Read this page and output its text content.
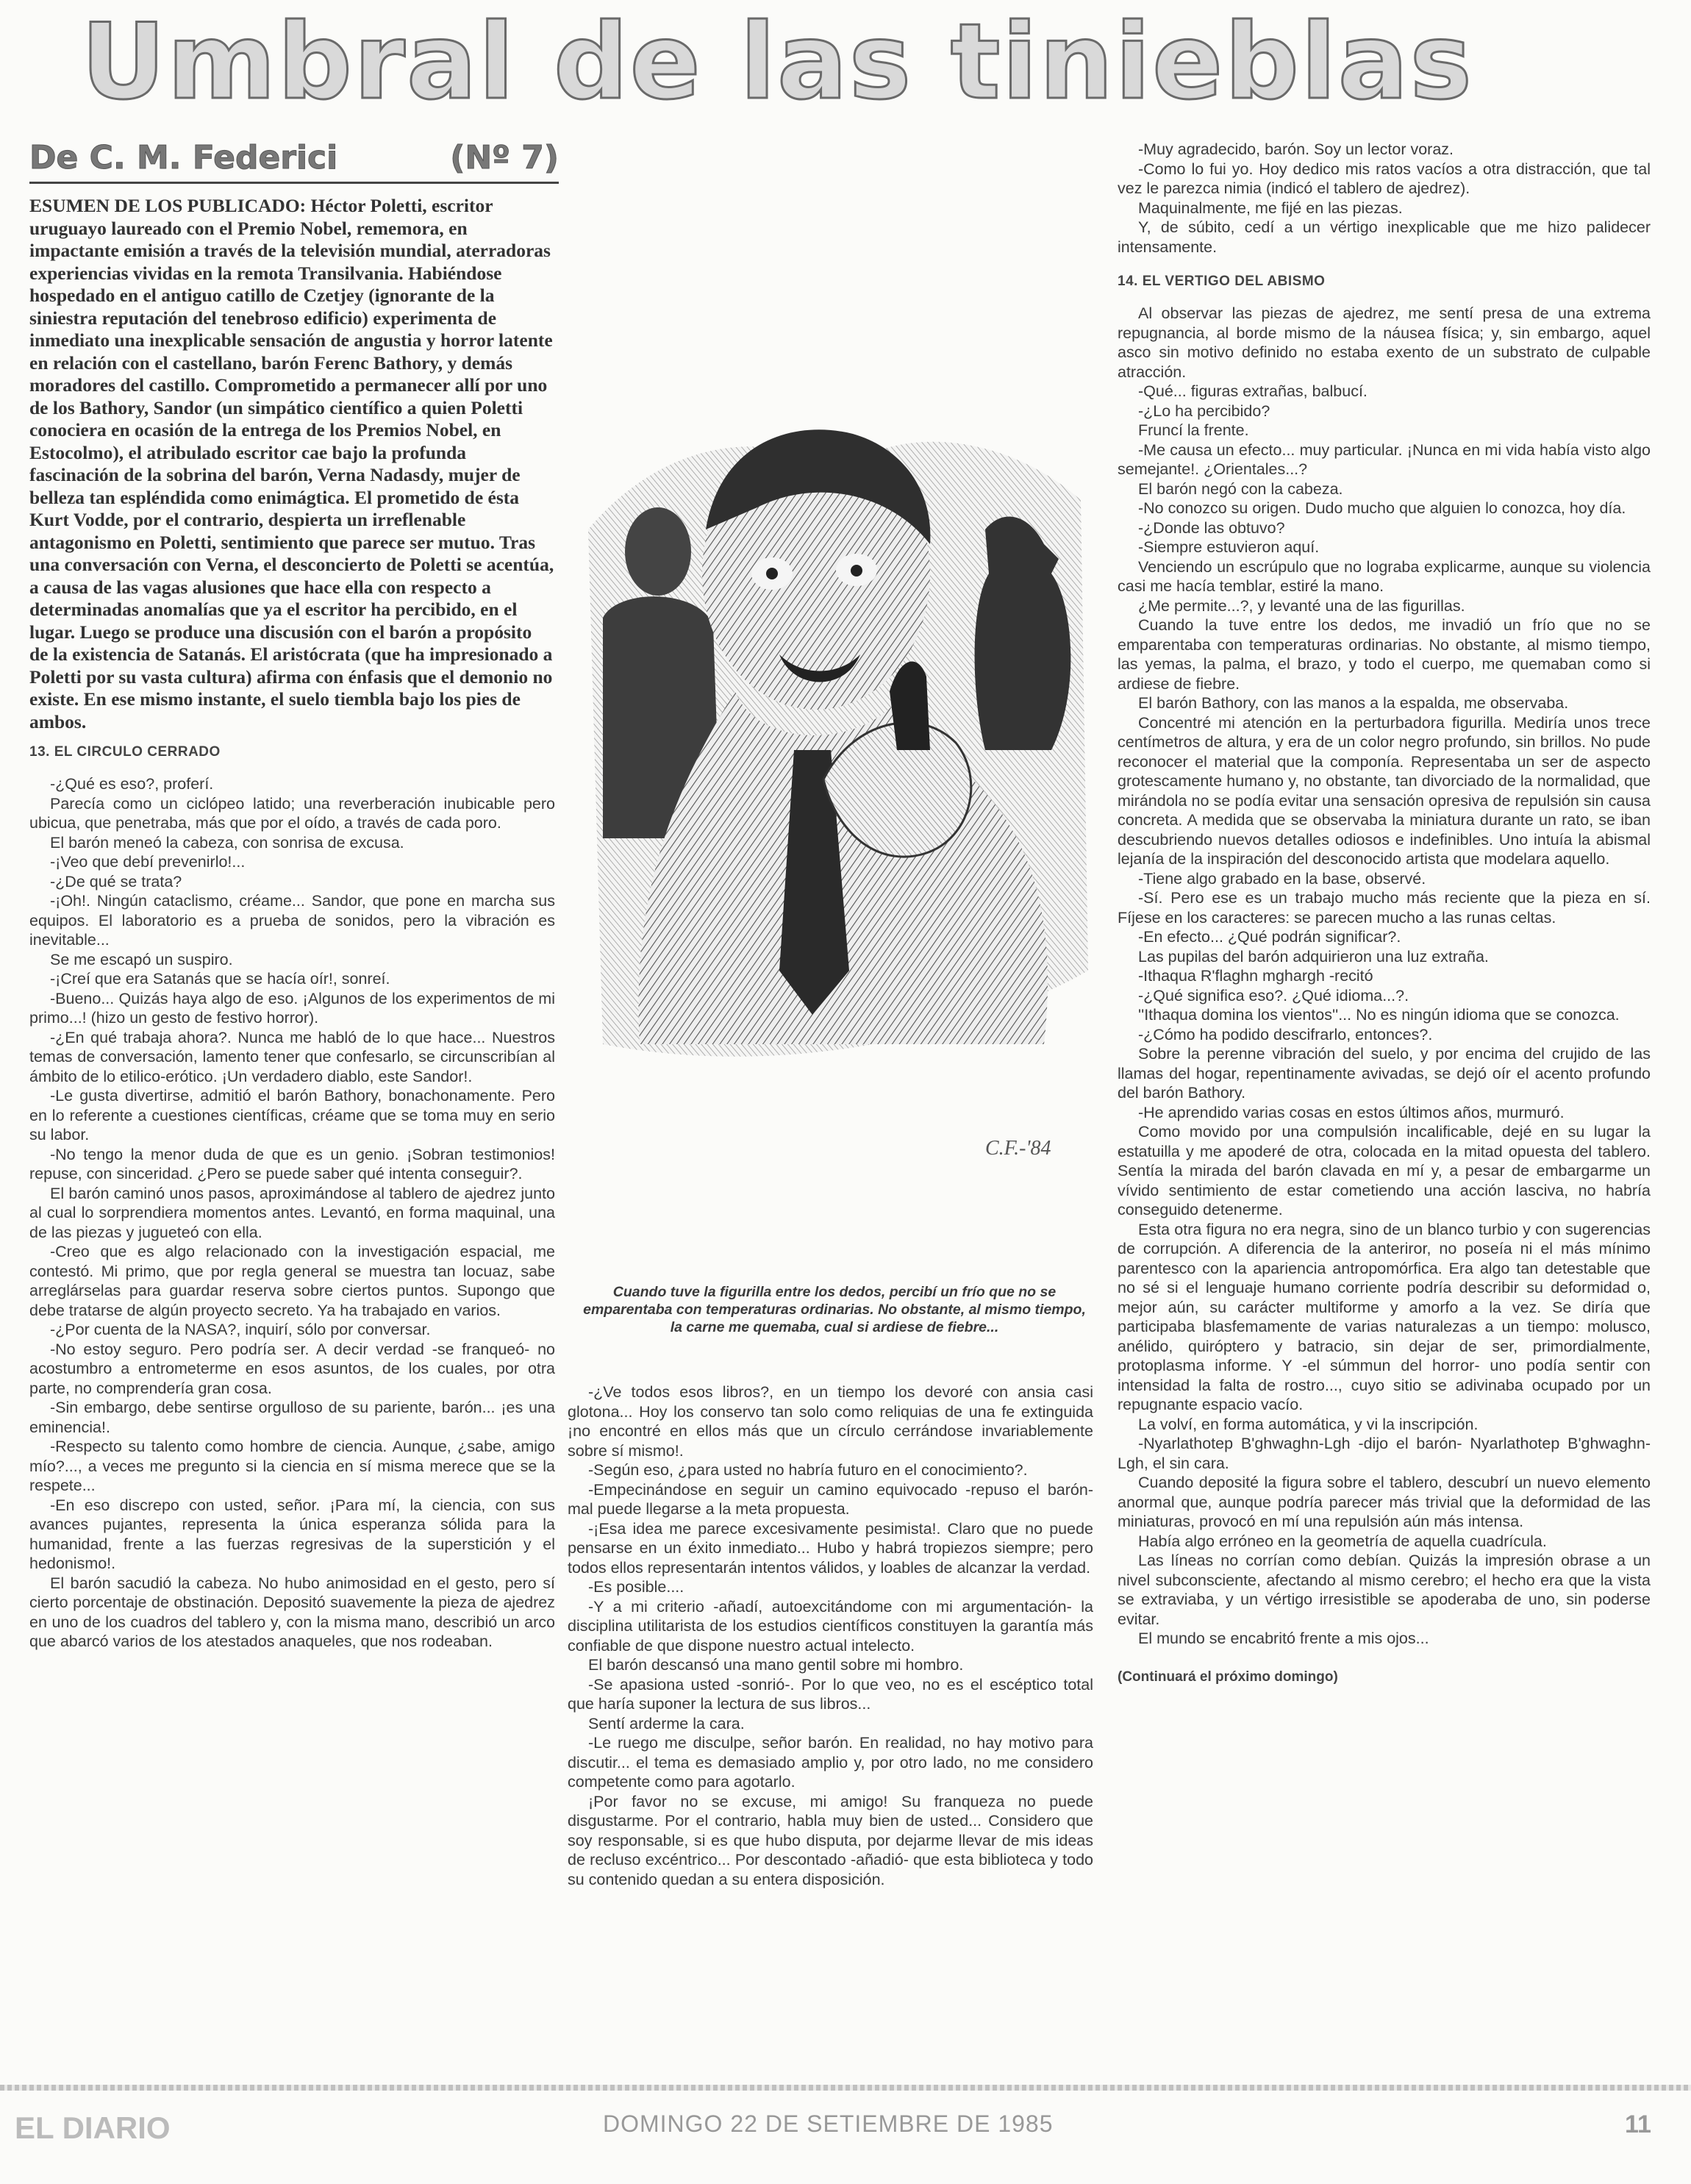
Umbral de las tinieblas
De C. M. Federici	(Nº 7)

ESUMEN DE LOS PUBLICADO: Héctor Poletti, escritor uruguayo laureado con el Premio Nobel, rememora, en impactante emisión a través de la televisión mundial, aterradoras experiencias vividas en la remota Transilvania. Habiéndose hospedado en el antiguo catillo de Czetjey (ignorante de la siniestra reputación del tenebroso edificio) experimenta de inmediato una inexplicable sensación de angustia y horror latente en relación con el castellano, barón Ferenc Bathory, y demás moradores del castillo. Comprometido a permanecer allí por uno de los Bathory, Sandor (un simpático científico a quien Poletti conociera en ocasión de la entrega de los Premios Nobel, en Estocolmo), el atribulado escritor cae bajo la profunda fascinación de la sobrina del barón, Verna Nadasdy, mujer de belleza tan espléndida como enimágtica. El prometido de ésta Kurt Vodde, por el contrario, despierta un irreflenable antagonismo en Poletti, sentimiento que parece ser mutuo. Tras una conversación con Verna, el desconcierto de Poletti se acentúa, a causa de las vagas alusiones que hace ella con respecto a determinadas anomalías que ya el escritor ha percibido, en el lugar. Luego se produce una discusión con el barón a propósito de la existencia de Satanás. El aristócrata (que ha impresionado a Poletti por su vasta cultura) afirma con énfasis que el demonio no existe. En ese mismo instante, el suelo tiembla bajo los pies de ambos.

13. EL CIRCULO CERRADO

-¿Qué es eso?, proferí.

Parecía como un ciclópeo latido; una reverberación inubicable pero ubicua, que penetraba, más que por el oído, a través de cada poro.

El barón meneó la cabeza, con sonrisa de excusa.

-¡Veo que debí prevenirlo!...

-¿De qué se trata?

-¡Oh!. Ningún cataclismo, créame... Sandor, que pone en marcha sus equipos. El laboratorio es a prueba de sonidos, pero la vibración es inevitable...

Se me escapó un suspiro.

-¡Creí que era Satanás que se hacía oír!, sonreí.

-Bueno... Quizás haya algo de eso. ¡Algunos de los experimentos de mi primo...! (hizo un gesto de festivo horror).

-¿En qué trabaja ahora?. Nunca me habló de lo que hace... Nuestros temas de conversación, lamento tener que confesarlo, se circunscribían al ámbito de lo etilico-erótico. ¡Un verdadero diablo, este Sandor!.

-Le gusta divertirse, admitió el barón Bathory, bonachonamente. Pero en lo referente a cuestiones científicas, créame que se toma muy en serio su labor.

-No tengo la menor duda de que es un genio. ¡Sobran testimonios! repuse, con sinceridad. ¿Pero se puede saber qué intenta conseguir?.

El barón caminó unos pasos, aproximándose al tablero de ajedrez junto al cual lo sorprendiera momentos antes. Levantó, en forma maquinal, una de las piezas y jugueteó con ella.

-Creo que es algo relacionado con la investigación espacial, me contestó. Mi primo, que por regla general se muestra tan locuaz, sabe arreglárselas para guardar reserva sobre ciertos puntos. Supongo que debe tratarse de algún proyecto secreto. Ya ha trabajado en varios.

-¿Por cuenta de la NASA?, inquirí, sólo por conversar.

-No estoy seguro. Pero podría ser. A decir verdad -se franqueó- no acostumbro a entrometerme en esos asuntos, de los cuales, por otra parte, no comprendería gran cosa.

-Sin embargo, debe sentirse orgulloso de su pariente, barón... ¡es una eminencia!.

-Respecto su talento como hombre de ciencia. Aunque, ¿sabe, amigo mío?..., a veces me pregunto si la ciencia en sí misma merece que se la respete...

-En eso discrepo con usted, señor. ¡Para mí, la ciencia, con sus avances pujantes, representa la única esperanza sólida para la humanidad, frente a las fuerzas regresivas de la superstición y el hedonismo!.

El barón sacudió la cabeza. No hubo animosidad en el gesto, pero sí cierto porcentaje de obstinación. Depositó suavemente la pieza de ajedrez en uno de los cuadros del tablero y, con la misma mano, describió un arco que abarcó varios de los atestados anaqueles, que nos rodeaban.

C.F.-'84
Cuando tuve la figurilla entre los dedos, percibí un frío que no se emparentaba con temperaturas ordinarias. No obstante, al mismo tiempo, la carne me quemaba, cual si ardiese de fiebre...

-¿Ve todos esos libros?, en un tiempo los devoré con ansia casi glotona... Hoy los conservo tan solo como reliquias de una fe extinguida ¡no encontré en ellos más que un círculo cerrándose invariablemente sobre sí mismo!.

-Según eso, ¿para usted no habría futuro en el conocimiento?.

-Empecinándose en seguir un camino equivocado -repuso el barón- mal puede llegarse a la meta propuesta.

-¡Esa idea me parece excesivamente pesimista!. Claro que no puede pensarse en un éxito inmediato... Hubo y habrá tropiezos siempre; pero todos ellos representarán intentos válidos, y loables de alcanzar la verdad.

-Es posible....

-Y a mi criterio -añadí, autoexcitándome con mi argumentación- la disciplina utilitarista de los estudios científicos constituyen la garantía más confiable de que dispone nuestro actual intelecto.

El barón descansó una mano gentil sobre mi hombro.

-Se apasiona usted -sonrió-. Por lo que veo, no es el escéptico total que haría suponer la lectura de sus libros...

Sentí arderme la cara.

-Le ruego me disculpe, señor barón. En realidad, no hay motivo para discutir... el tema es demasiado amplio y, por otro lado, no me considero competente como para agotarlo.

¡Por favor no se excuse, mi amigo! Su franqueza no puede disgustarme. Por el contrario, habla muy bien de usted... Considero que soy responsable, si es que hubo disputa, por dejarme llevar de mis ideas de recluso excéntrico... Por descontado -añadió- que esta biblioteca y todo su contenido quedan a su entera disposición.

-Muy agradecido, barón. Soy un lector voraz.

-Como lo fui yo. Hoy dedico mis ratos vacíos a otra distracción, que tal vez le parezca nimia (indicó el tablero de ajedrez).

Maquinalmente, me fijé en las piezas.

Y, de súbito, cedí a un vértigo inexplicable que me hizo palidecer intensamente.

14. EL VERTIGO DEL ABISMO

Al observar las piezas de ajedrez, me sentí presa de una extrema repugnancia, al borde mismo de la náusea física; y, sin embargo, aquel asco sin motivo definido no estaba exento de un substrato de culpable atracción.

-Qué... figuras extrañas, balbucí.

-¿Lo ha percibido?

Fruncí la frente.

-Me causa un efecto... muy particular. ¡Nunca en mi vida había visto algo semejante!. ¿Orientales...?

El barón negó con la cabeza.

-No conozco su origen. Dudo mucho que alguien lo conozca, hoy día.

-¿Donde las obtuvo?

-Siempre estuvieron aquí.

Venciendo un escrúpulo que no lograba explicarme, aunque su violencia casi me hacía temblar, estiré la mano.

¿Me permite...?, y levanté una de las figurillas.

Cuando la tuve entre los dedos, me invadió un frío que no se emparentaba con temperaturas ordinarias. No obstante, al mismo tiempo, las yemas, la palma, el brazo, y todo el cuerpo, me quemaban como si ardiese de fiebre.

El barón Bathory, con las manos a la espalda, me observaba.

Concentré mi atención en la perturbadora figurilla. Mediría unos trece centímetros de altura, y era de un color negro profundo, sin brillos. No pude reconocer el material que la componía. Representaba un ser de aspecto grotescamente humano y, no obstante, tan divorciado de la normalidad, que mirándola no se podía evitar una sensación opresiva de repulsión sin causa concreta. A medida que se observaba la miniatura durante un rato, se iban descubriendo nuevos detalles odiosos e indefinibles. Uno intuía la abismal lejanía de la inspiración del desconocido artista que modelara aquello.

-Tiene algo grabado en la base, observé.

-Sí. Pero ese es un trabajo mucho más reciente que la pieza en sí. Fíjese en los caracteres: se parecen mucho a las runas celtas.

-En efecto... ¿Qué podrán significar?.

Las pupilas del barón adquirieron una luz extraña.

-Ithaqua R'flaghn mghargh -recitó

-¿Qué significa eso?. ¿Qué idioma...?.

''Ithaqua domina los vientos''... No es ningún idioma que se conozca.

-¿Cómo ha podido descifrarlo, entonces?.

Sobre la perenne vibración del suelo, y por encima del crujido de las llamas del hogar, repentinamente avivadas, se dejó oír el acento profundo del barón Bathory.

-He aprendido varias cosas en estos últimos años, murmuró.

Como movido por una compulsión incalificable, dejé en su lugar la estatuilla y me apoderé de otra, colocada en la mitad opuesta del tablero. Sentía la mirada del barón clavada en mí y, a pesar de embargarme un vívido sentimiento de estar cometiendo una acción lasciva, no habría conseguido detenerme.

Esta otra figura no era negra, sino de un blanco turbio y con sugerencias de corrupción. A diferencia de la anteriror, no poseía ni el más mínimo parentesco con la apariencia antropomórfica. Era algo tan detestable que no sé si el lenguaje humano corriente podría describir su deformidad o, mejor aún, su carácter multiforme y amorfo a la vez. Se diría que participaba blasfemamente de varias naturalezas a un tiempo: molusco, anélido, quiróptero y batracio, sin dejar de ser, primordialmente, protoplasma informe. Y -el súmmun del horror- uno podía sentir con intensidad la falta de rostro..., cuyo sitio se adivinaba ocupado por un repugnante espacio vacío.

La volví, en forma automática, y vi la inscripción.

-Nyarlathotep B'ghwaghn-Lgh -dijo el barón- Nyarlathotep B'ghwaghn-Lgh, el sin cara.

Cuando deposité la figura sobre el tablero, descubrí un nuevo elemento anormal que, aunque podría parecer más trivial que la deformidad de las miniaturas, provocó en mí una repulsión aún más intensa.

Había algo erróneo en la geometría de aquella cuadrícula.

Las líneas no corrían como debían. Quizás la impresión obrase a un nivel subconsciente, afectando al mismo cerebro; el hecho era que la vista se extraviaba, y un vértigo irresistible se apoderaba de uno, sin poderse evitar.

El mundo se encabritó frente a mis ojos...

(Continuará el próximo domingo)
EL DIARIO	DOMINGO 22 DE SETIEMBRE DE 1985	11
